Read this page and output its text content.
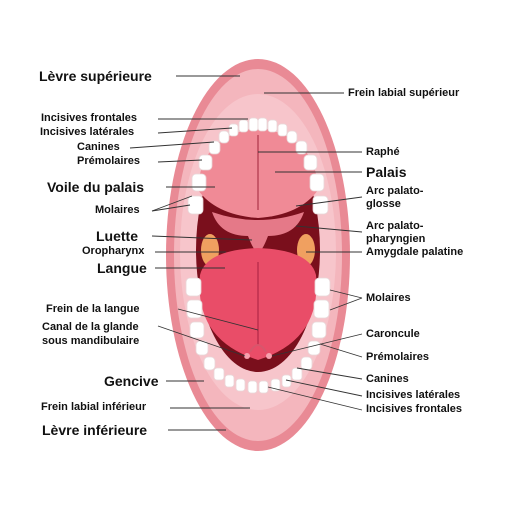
Lèvre supérieure
Incisives frontales
Incisives latérales
Canines
Prémolaires
Voile du palais
Molaires
Luette
Oropharynx
Langue
Frein de la langue
Canal de la glande
sous mandibulaire
Gencive
Frein labial inférieur
Lèvre inférieure
Frein labial supérieur
Raphé
Palais
Arc palato-
glosse
Arc palato-
pharyngien
Amygdale palatine
Molaires
Caroncule
Prémolaires
Canines
Incisives latérales
Incisives frontales
